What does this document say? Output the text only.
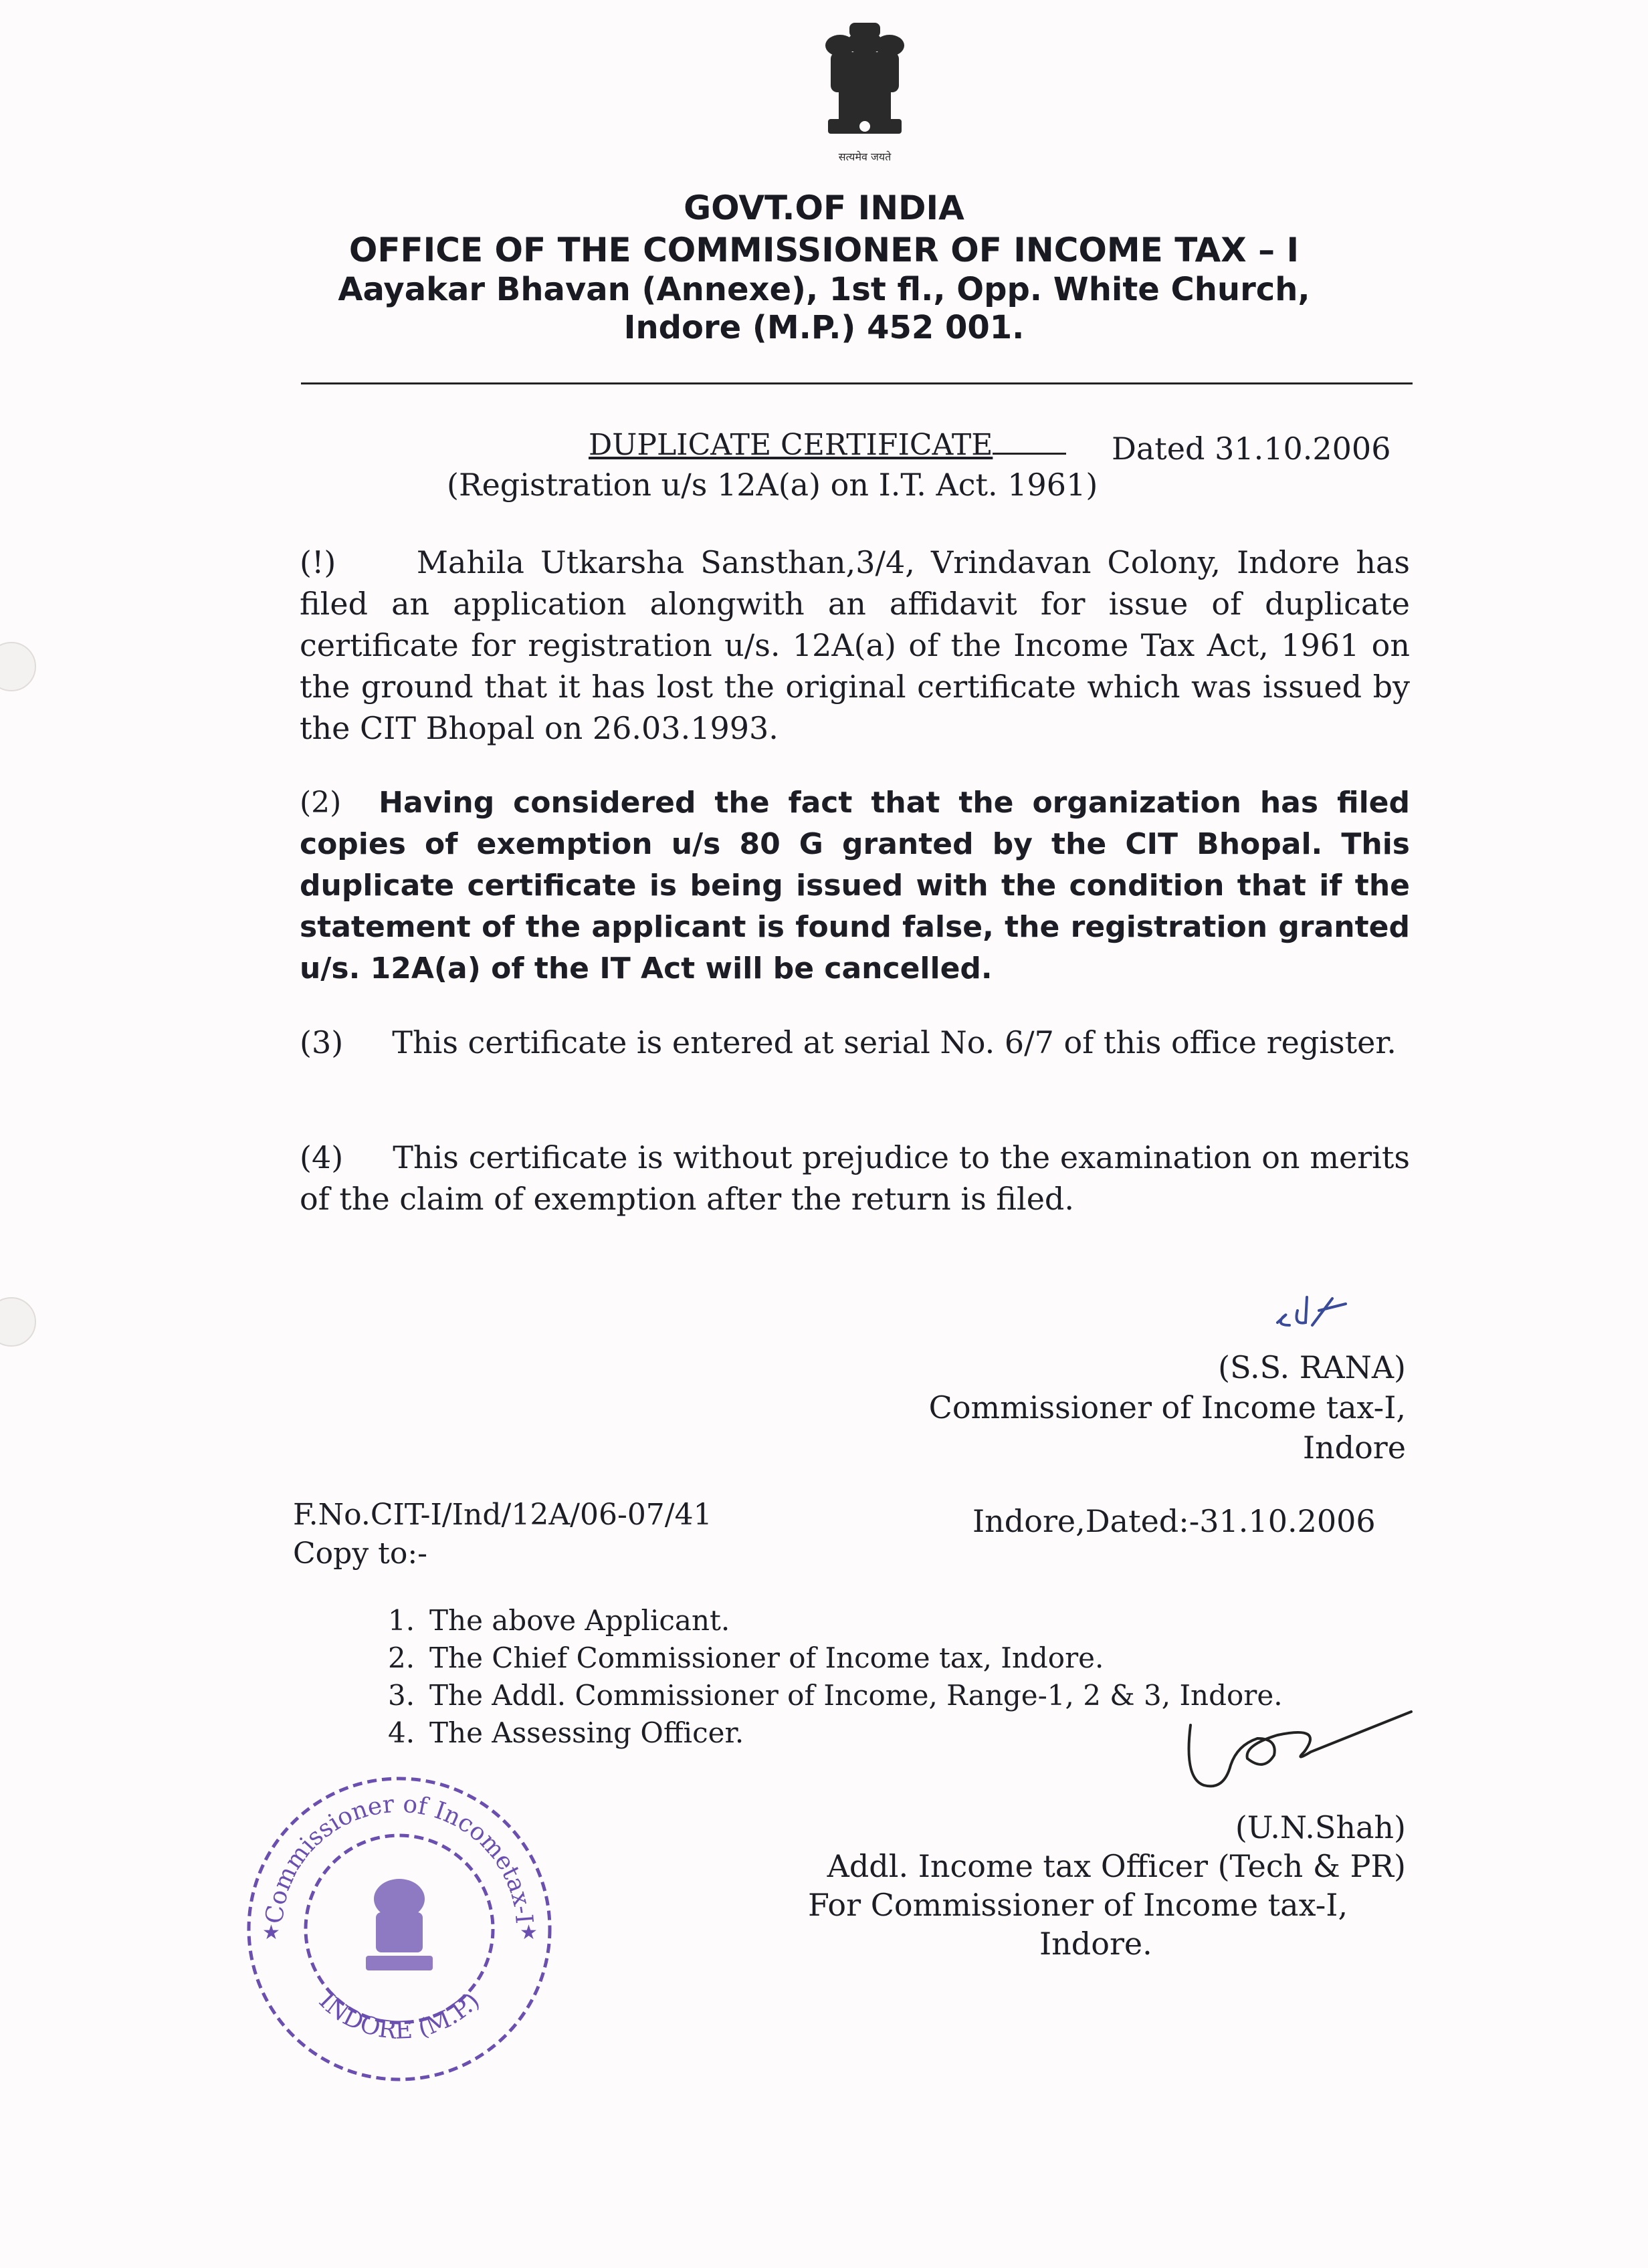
सत्यमेव जयते
GOVT.OF INDIA
OFFICE OF THE COMMISSIONER OF INCOME TAX – I
Aayakar Bhavan (Annexe), 1st fl., Opp. White Church,
Indore (M.P.) 452 001.
DUPLICATE CERTIFICATE	Dated 31.10.2006
(Registration u/s 12A(a) on I.T. Act. 1961)
(!)	Mahila Utkarsha Sansthan,3/4, Vrindavan Colony, Indore has filed an application alongwith an affidavit for issue of duplicate certificate for registration u/s. 12A(a) of the Income Tax Act, 1961 on the ground that it has lost the original certificate which was issued by the CIT Bhopal on 26.03.1993.
(2) Having considered the fact that the organization has filed copies of exemption u/s 80 G granted by the CIT Bhopal. This duplicate certificate is being issued with the condition that if the statement of the applicant is found false, the registration granted u/s. 12A(a) of the IT Act will be cancelled.
(3) This certificate is entered at serial No. 6/7 of this office register.
(4) This certificate is without prejudice to the examination on merits of the claim of exemption after the return is filed.
(S.S. RANA)
Commissioner of Income tax-I,
Indore
F.No.CIT-I/Ind/12A/06-07/41	Indore,Dated:-31.10.2006
Copy to:-
1. The above Applicant.
2. The Chief Commissioner of Income tax, Indore.
3. The Addl. Commissioner of Income, Range-1, 2 & 3, Indore.
4. The Assessing Officer.
(U.N.Shah)
Addl. Income tax Officer (Tech & PR)
For Commissioner of Income tax-I,
Indore.
Commissioner of Incometax-I
INDORE (M.P.)
★	★
